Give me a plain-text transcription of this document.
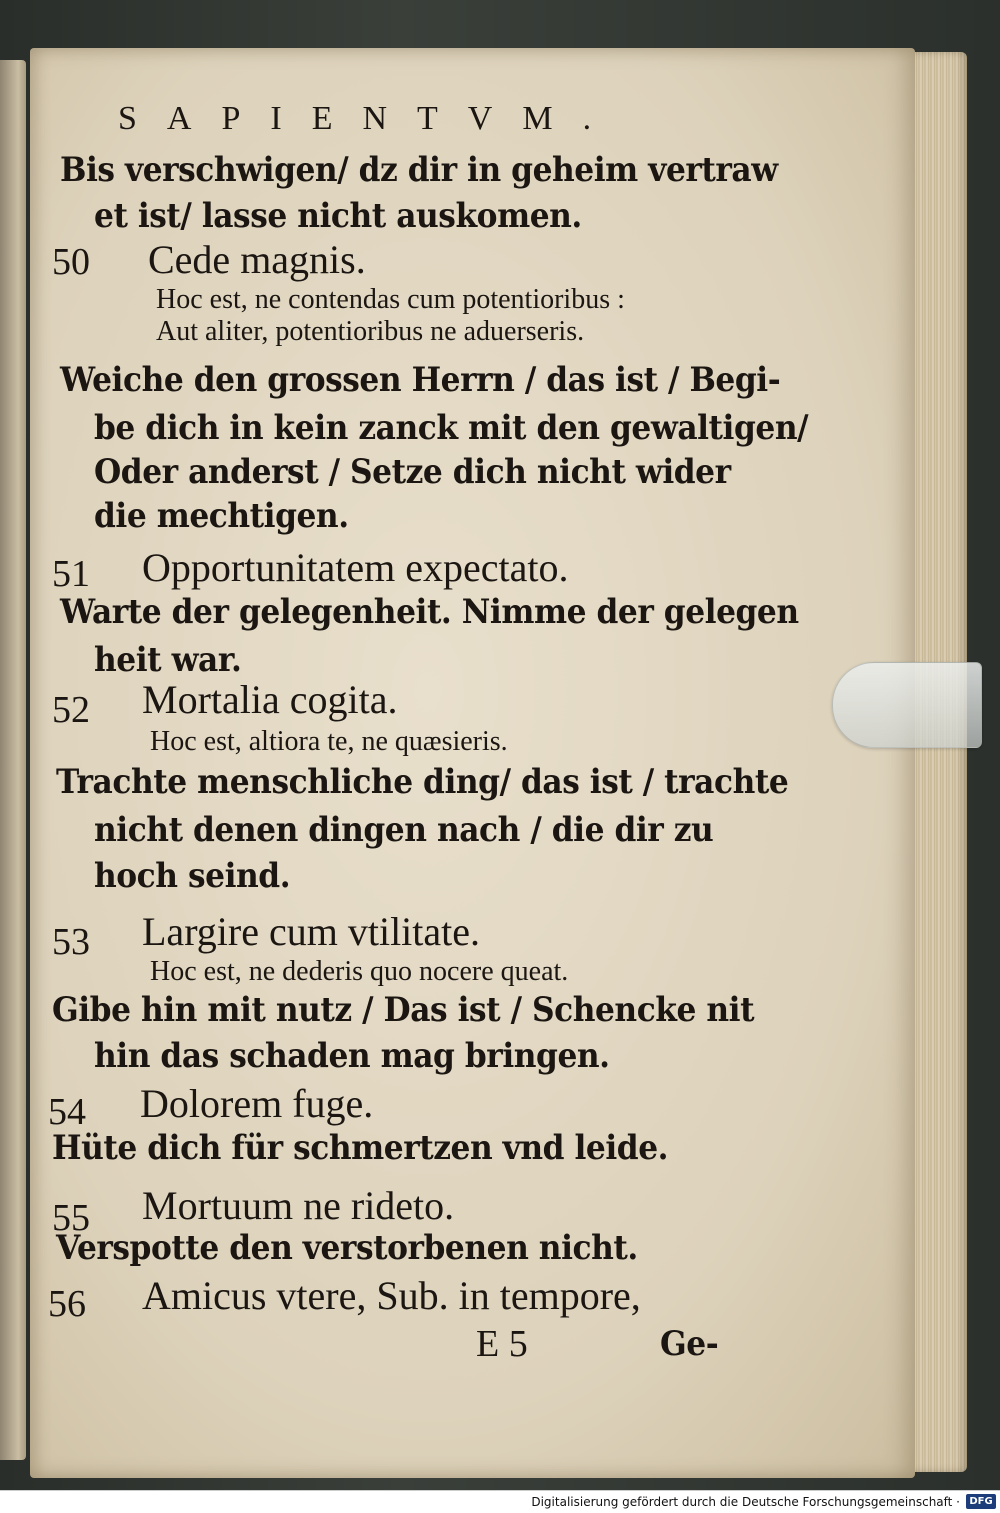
SAPIENTVM.
Bis verschwigen/ dz dir in geheim vertraw
et ist/ lasse nicht auskomen.
50 Cede magnis.
Hoc est, ne contendas cum potentioribus :
Aut aliter, potentioribus ne aduerseris.
Weiche den grossen Herrn / das ist / Begi-
be dich in kein zanck mit den gewaltigen/
Oder anderst / Setze dich nicht wider
die mechtigen.
51 Opportunitatem expectato.
Warte der gelegenheit. Nimme der gelegen
heit war.
52 Mortalia cogita.
Hoc est, altiora te, ne quæsieris.
Trachte menschliche ding/ das ist / trachte
nicht denen dingen nach / die dir zu
hoch seind.
53 Largire cum vtilitate.
Hoc est, ne dederis quo nocere queat.
Gibe hin mit nutz / Das ist / Schencke nit
hin das schaden mag bringen.
54 Dolorem fuge.
Hüte dich für schmertzen vnd leide.
55 Mortuum ne rideto.
Verspotte den verstorbenen nicht.
56 Amicus vtere, Sub. in tempore,
E 5	Ge-
Digitalisierung gefördert durch die Deutsche Forschungsgemeinschaft · DFG
